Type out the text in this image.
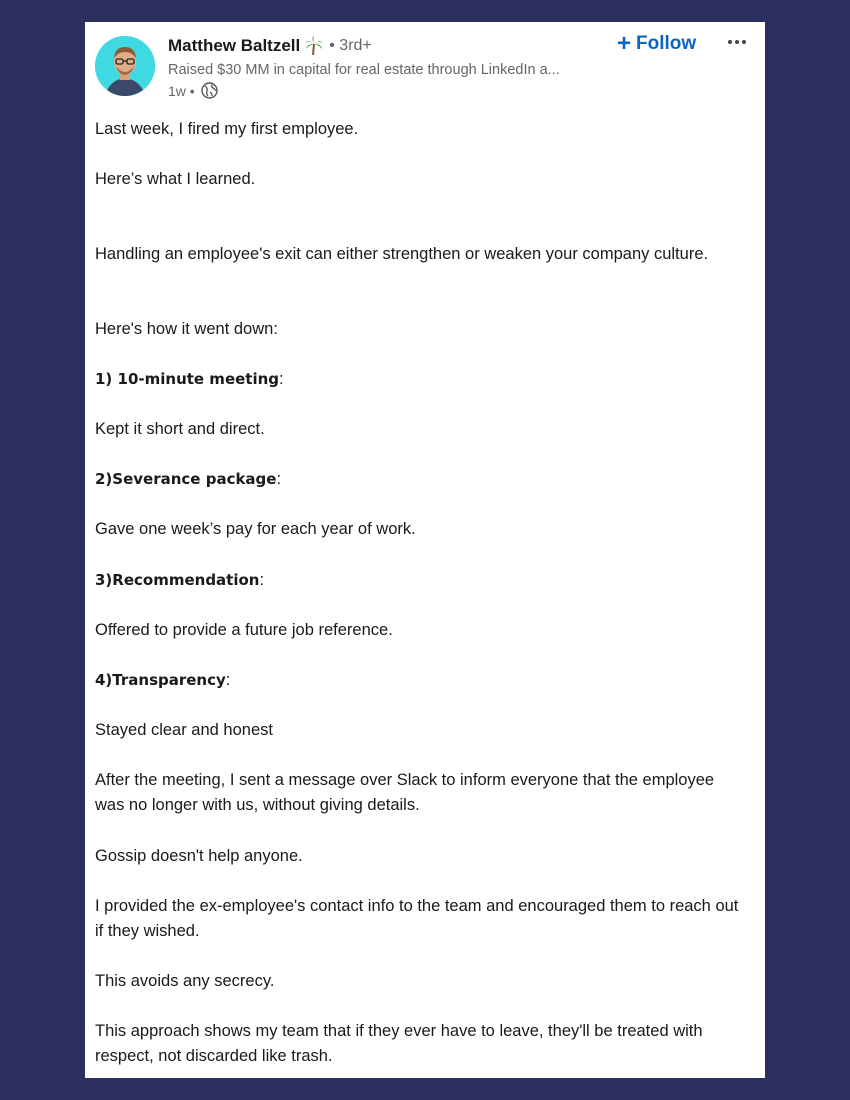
Matthew Baltzell • 3rd+
Raised $30 MM in capital for real estate through LinkedIn a...
1w •
+ Follow

Last week, I fired my first employee.

Here’s what I learned.

Handling an employee's exit can either strengthen or weaken your company culture.

Here's how it went down:

1) 10-minute meeting:

Kept it short and direct.

2)Severance package:

Gave one week’s pay for each year of work.

3)Recommendation:

Offered to provide a future job reference.

4)Transparency:

Stayed clear and honest

After the meeting, I sent a message over Slack to inform everyone that the employee was no longer with us, without giving details.

Gossip doesn't help anyone.

I provided the ex-employee's contact info to the team and encouraged them to reach out if they wished.

This avoids any secrecy.

This approach shows my team that if they ever have to leave, they'll be treated with respect, not discarded like trash.
